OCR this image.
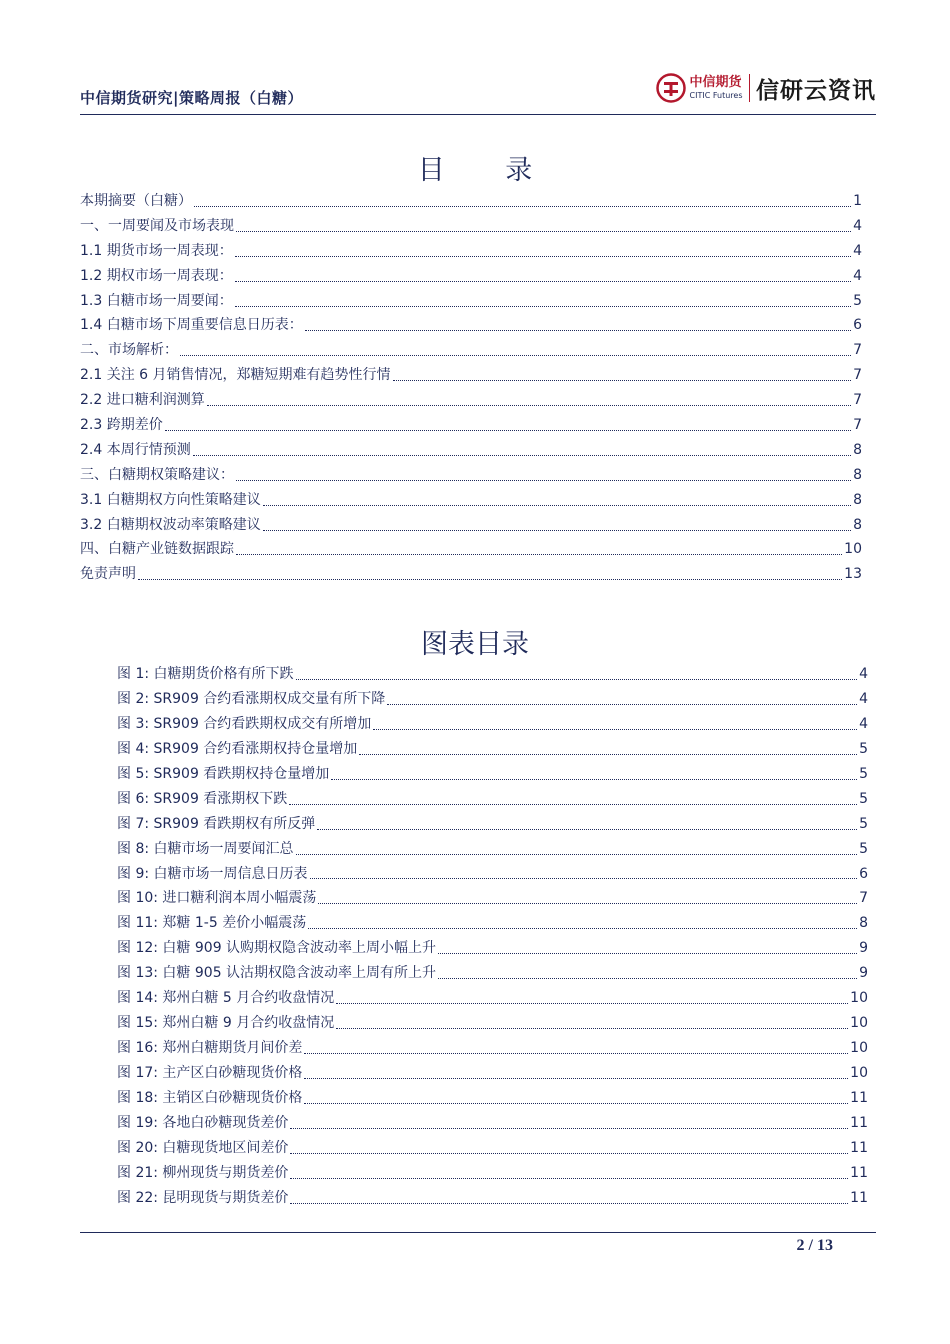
中信期货研究|策略周报（白糖）
中信期货
CITIC Futures 信研云资讯
目 录
本期摘要（白糖）	1
一、一周要闻及市场表现	4
1.1 期货市场一周表现：	4
1.2 期权市场一周表现：	4
1.3 白糖市场一周要闻：	5
1.4 白糖市场下周重要信息日历表：	6
二、市场解析：	7
2.1 关注 6 月销售情况，郑糖短期难有趋势性行情	7
2.2 进口糖利润测算	7
2.3 跨期差价	7
2.4 本周行情预测	8
三、白糖期权策略建议：	8
3.1 白糖期权方向性策略建议	8
3.2 白糖期权波动率策略建议	8
四、白糖产业链数据跟踪	10
免责声明	13
图表目录
图 1: 白糖期货价格有所下跌	4
图 2: SR909 合约看涨期权成交量有所下降	4
图 3: SR909 合约看跌期权成交有所增加	4
图 4: SR909 合约看涨期权持仓量增加	5
图 5: SR909 看跌期权持仓量增加	5
图 6: SR909 看涨期权下跌	5
图 7: SR909 看跌期权有所反弹	5
图 8: 白糖市场一周要闻汇总	5
图 9: 白糖市场一周信息日历表	6
图 10: 进口糖利润本周小幅震荡	7
图 11: 郑糖 1-5 差价小幅震荡	8
图 12: 白糖 909 认购期权隐含波动率上周小幅上升	9
图 13: 白糖 905 认沽期权隐含波动率上周有所上升	9
图 14: 郑州白糖 5 月合约收盘情况	10
图 15: 郑州白糖 9 月合约收盘情况	10
图 16: 郑州白糖期货月间价差	10
图 17: 主产区白砂糖现货价格	10
图 18: 主销区白砂糖现货价格	11
图 19: 各地白砂糖现货差价	11
图 20: 白糖现货地区间差价	11
图 21: 柳州现货与期货差价	11
图 22: 昆明现货与期货差价	11
2 / 13
